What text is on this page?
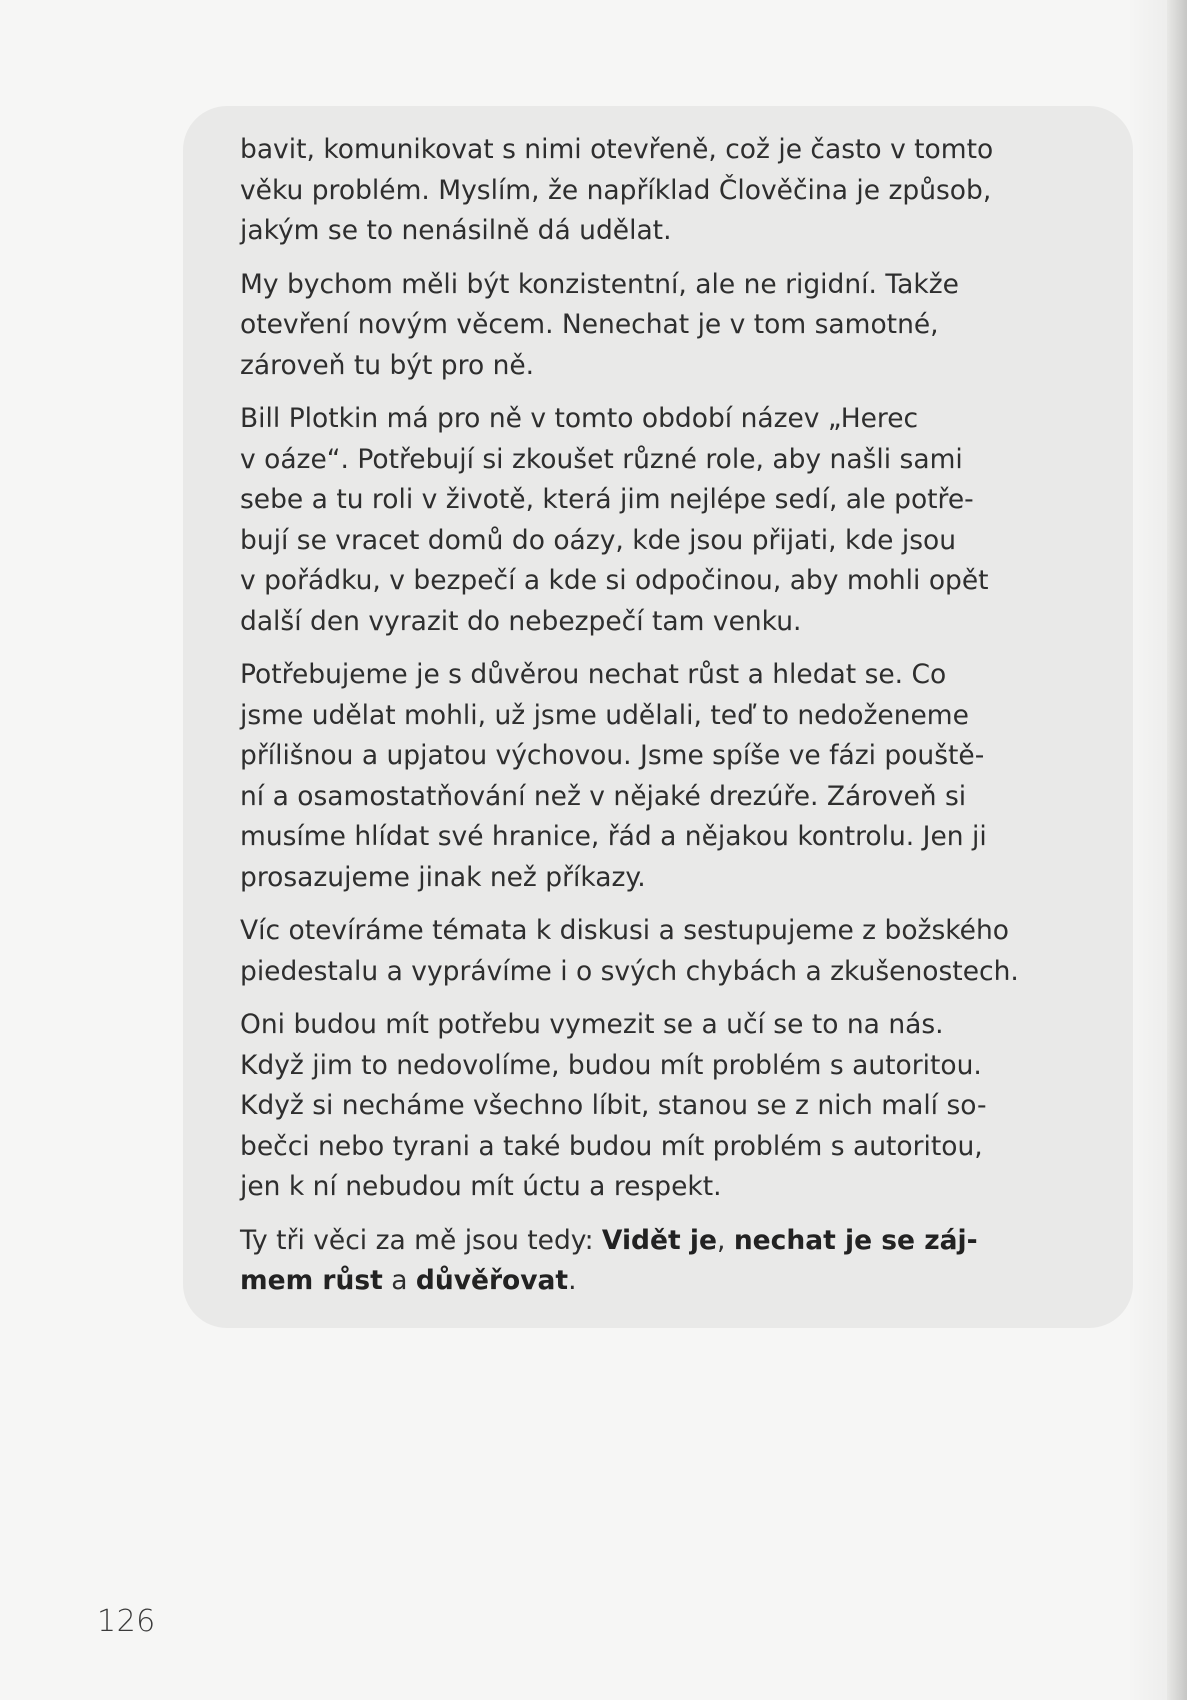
bavit, komunikovat s nimi otevřeně, což je často v tomto
věku problém. Myslím, že například Člověčina je způsob,
jakým se to nenásilně dá udělat.

My bychom měli být konzistentní, ale ne rigidní. Takže
otevření novým věcem. Nenechat je v tom samotné,
zároveň tu být pro ně.

Bill Plotkin má pro ně v tomto období název „Herec
v oáze“. Potřebují si zkoušet různé role, aby našli sami
sebe a tu roli v životě, která jim nejlépe sedí, ale potře-
bují se vracet domů do oázy, kde jsou přijati, kde jsou
v pořádku, v bezpečí a kde si odpočinou, aby mohli opět
další den vyrazit do nebezpečí tam venku.

Potřebujeme je s důvěrou nechat růst a hledat se. Co
jsme udělat mohli, už jsme udělali, teď to nedoženeme
přílišnou a upjatou výchovou. Jsme spíše ve fázi pouště-
ní a osamostatňování než v nějaké drezúře. Zároveň si
musíme hlídat své hranice, řád a nějakou kontrolu. Jen ji
prosazujeme jinak než příkazy.

Víc otevíráme témata k diskusi a sestupujeme z božského
piedestalu a vyprávíme i o svých chybách a zkušenostech.

Oni budou mít potřebu vymezit se a učí se to na nás.
Když jim to nedovolíme, budou mít problém s autoritou.
Když si necháme všechno líbit, stanou se z nich malí so-
bečci nebo tyrani a také budou mít problém s autoritou,
jen k ní nebudou mít úctu a respekt.

Ty tři věci za mě jsou tedy: Vidět je, nechat je se záj-
mem růst a důvěřovat.

126
